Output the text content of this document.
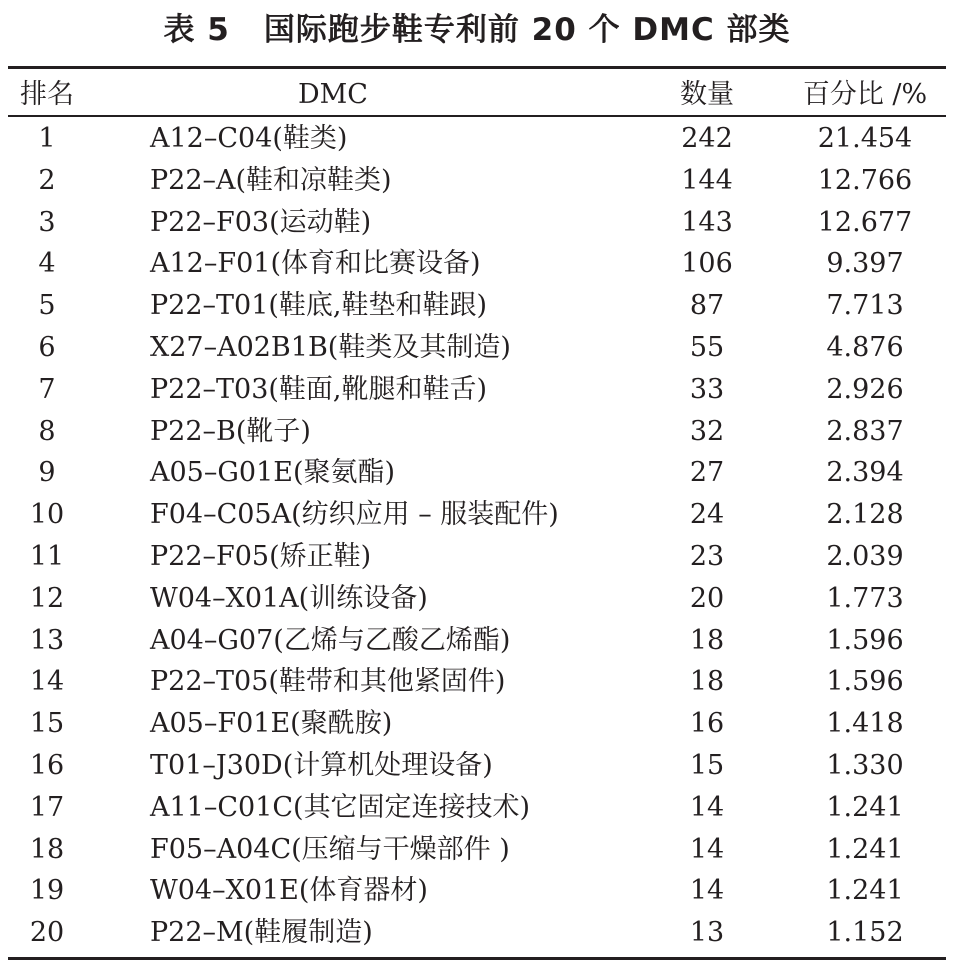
表 5 国际跑步鞋专利前 20 个 DMC 部类
排名	DMC	数量	百分比 /%

1	A12–C04(鞋类)	242	21.454
2	P22–A(鞋和凉鞋类)	144	12.766
3	P22–F03(运动鞋)	143	12.677
4	A12–F01(体育和比赛设备)	106	9.397
5	P22–T01(鞋底,鞋垫和鞋跟)	87	7.713
6	X27–A02B1B(鞋类及其制造)	55	4.876
7	P22–T03(鞋面,靴腿和鞋舌)	33	2.926
8	P22–B(靴子)	32	2.837
9	A05–G01E(聚氨酯)	27	2.394
10	F04–C05A(纺织应用 – 服装配件)	24	2.128
11	P22–F05(矫正鞋)	23	2.039
12	W04–X01A(训练设备)	20	1.773
13	A04–G07(乙烯与乙酸乙烯酯)	18	1.596
14	P22–T05(鞋带和其他紧固件)	18	1.596
15	A05–F01E(聚酰胺)	16	1.418
16	T01–J30D(计算机处理设备)	15	1.330
17	A11–C01C(其它固定连接技术)	14	1.241
18	F05–A04C(压缩与干燥部件 )	14	1.241
19	W04–X01E(体育器材)	14	1.241
20	P22–M(鞋履制造)	13	1.152
